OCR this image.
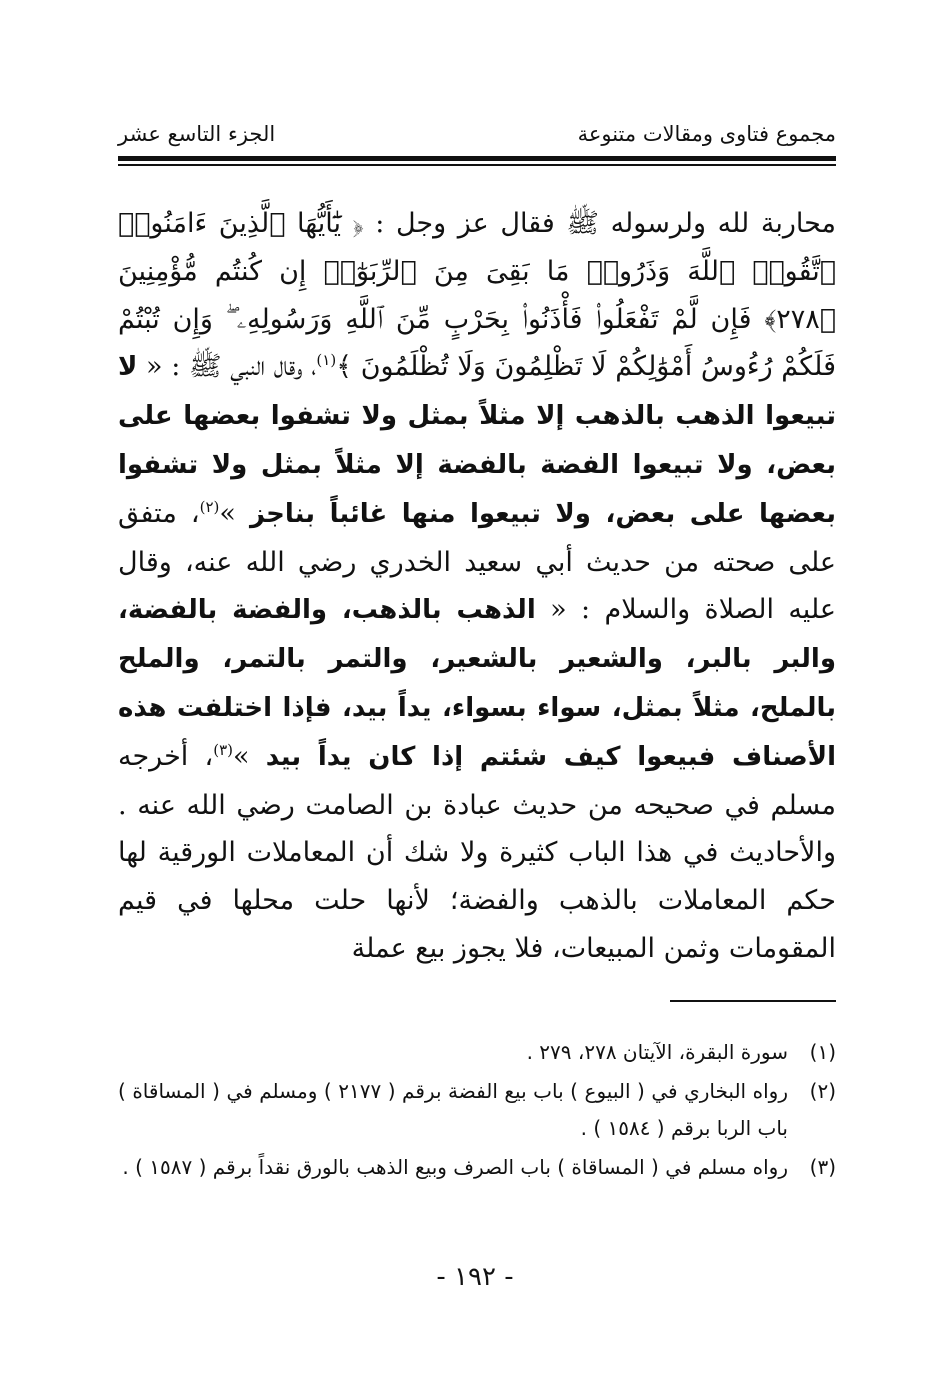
مجموع فتاوى ومقالات متنوعة
الجزء التاسع عشر
محاربة لله ولرسوله ﷺ فقال عز وجل : ﴿ يَٰٓأَيُّهَا ٱلَّذِينَ ءَامَنُوا۟ ٱتَّقُوا۟ ٱللَّهَ وَذَرُوا۟ مَا بَقِىَ مِنَ ٱلرِّبَوٰٓا۟ إِن كُنتُم مُّؤْمِنِينَ ﴿٢٧٨﴾ فَإِن لَّمْ تَفْعَلُوا۟ فَأْذَنُوا۟ بِحَرْبٍ مِّنَ ٱللَّهِ وَرَسُولِهِۦ ۖ وَإِن تُبْتُمْ فَلَكُمْ رُءُوسُ أَمْوَٰلِكُمْ لَا تَظْلِمُونَ وَلَا تُظْلَمُونَ ﴾$^{(١)}$، وقال النبي ﷺ : « لا تبيعوا الذهب بالذهب إلا مثلاً بمثل ولا تشفوا بعضها على بعض، ولا تبيعوا الفضة بالفضة إلا مثلاً بمثل ولا تشفوا بعضها على بعض، ولا تبيعوا منها غائباً بناجز »$^{(٢)}$، متفق على صحته من حديث أبي سعيد الخدري رضي الله عنه، وقال عليه الصلاة والسلام : « الذهب بالذهب، والفضة بالفضة، والبر بالبر، والشعير بالشعير، والتمر بالتمر، والملح بالملح، مثلاً بمثل، سواء بسواء، يداً بيد، فإذا اختلفت هذه الأصناف فبيعوا كيف شئتم إذا كان يداً بيد »$^{(٣)}$، أخرجه مسلم في صحيحه من حديث عبادة بن الصامت رضي الله عنه . والأحاديث في هذا الباب كثيرة ولا شك أن المعاملات الورقية لها حكم المعاملات بالذهب والفضة؛ لأنها حلت محلها في قيم المقومات وثمن المبيعات، فلا يجوز بيع عملة
(١)
سورة البقرة، الآيتان ٢٧٨، ٢٧٩ .
(٢)
رواه البخاري في ( البيوع ) باب بيع الفضة برقم ( ٢١٧٧ ) ومسلم في ( المساقاة ) باب الربا برقم ( ١٥٨٤ ) .
(٣)
رواه مسلم في ( المساقاة ) باب الصرف وبيع الذهب بالورق نقداً برقم ( ١٥٨٧ ) .
- ١٩٢ -
